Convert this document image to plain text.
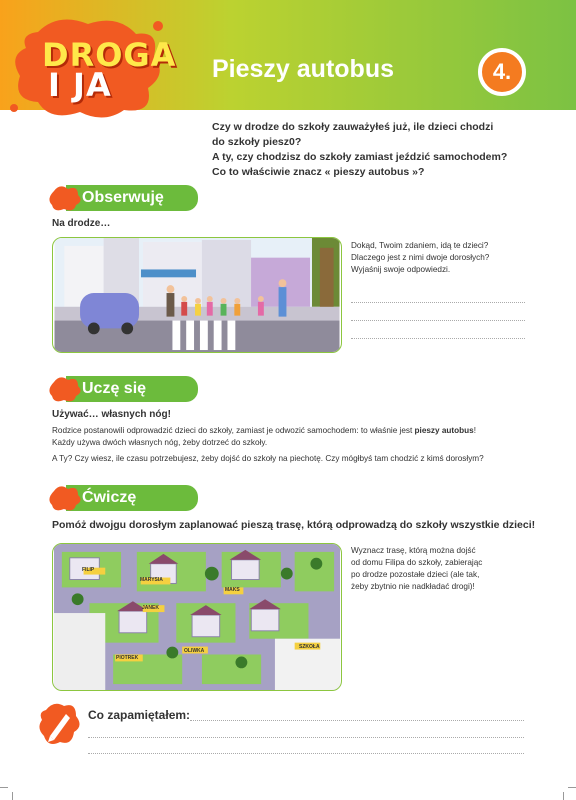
DROGA
I JA	Pieszy autobus	4.
Czy w drodze do szkoły zauważyłeś już, ile dzieci chodzi
do szkoły piesz0?
A ty, czy chodzisz do szkoły zamiast jeździć samochodem?
Co to właściwie znacz « pieszy autobus »?
Obserwuję
Na drodze…
Dokąd, Twoim zdaniem, idą te dzieci?
Dlaczego jest z nimi dwoje dorosłych?
Wyjaśnij swoje odpowiedzi.
Uczę się
Używać… własnych nóg!
Rodzice postanowili odprowadzić dzieci do szkoły, zamiast je odwozić samochodem: to właśnie jest pieszy autobus!
Każdy używa dwóch własnych nóg, żeby dotrzeć do szkoły.
A Ty? Czy wiesz, ile czasu potrzebujesz, żeby dojść do szkoły na piechotę. Czy mógłbyś tam chodzić z kimś dorosłym?
Ćwiczę
Pomóż dwojgu dorosłym zaplanować pieszą trasę, którą odprowadzą do szkoły wszystkie dzieci!
Wyznacz trasę, którą można dojść
od domu Filipa do szkoły, zabierając
po drodze pozostałe dzieci (ale tak,
żeby zbytnio nie nadkładać drogi)!
FILIP
MARYSIA
JANEK
MAKS
PIOTREK
OLIWKA
SZKOŁA
Co zapamiętałem:
